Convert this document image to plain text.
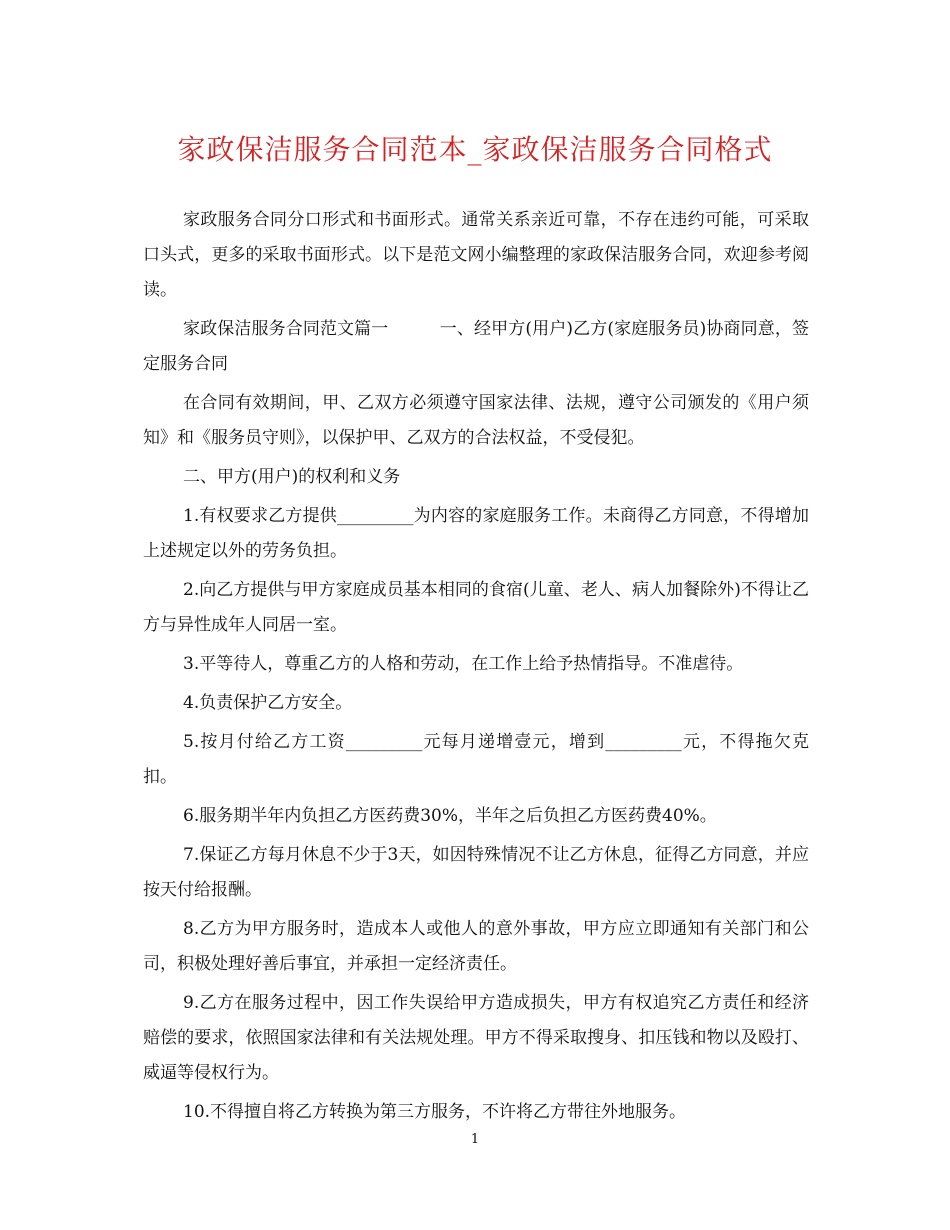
家政保洁服务合同范本_家政保洁服务合同格式

家政服务合同分口形式和书面形式。通常关系亲近可靠，不存在违约可能，可采取口头式，更多的采取书面形式。以下是范文网小编整理的家政保洁服务合同，欢迎参考阅读。

家政保洁服务合同范文篇一　　　一、经甲方(用户)乙方(家庭服务员)协商同意，签定服务合同

在合同有效期间，甲、乙双方必须遵守国家法律、法规，遵守公司颁发的《用户须知》和《服务员守则》，以保护甲、乙双方的合法权益，不受侵犯。

二、甲方(用户)的权利和义务

1.有权要求乙方提供_________为内容的家庭服务工作。未商得乙方同意，不得增加上述规定以外的劳务负担。

2.向乙方提供与甲方家庭成员基本相同的食宿(儿童、老人、病人加餐除外)不得让乙方与异性成年人同居一室。

3.平等待人，尊重乙方的人格和劳动，在工作上给予热情指导。不准虐待。

4.负责保护乙方安全。

5.按月付给乙方工资_________元每月递增壹元，增到_________元，不得拖欠克扣。

6.服务期半年内负担乙方医药费30%，半年之后负担乙方医药费40%。

7.保证乙方每月休息不少于3天，如因特殊情况不让乙方休息，征得乙方同意，并应按天付给报酬。

8.乙方为甲方服务时，造成本人或他人的意外事故，甲方应立即通知有关部门和公司，积极处理好善后事宜，并承担一定经济责任。

9.乙方在服务过程中，因工作失误给甲方造成损失，甲方有权追究乙方责任和经济赔偿的要求，依照国家法律和有关法规处理。甲方不得采取搜身、扣压钱和物以及殴打、威逼等侵权行为。

10.不得擅自将乙方转换为第三方服务，不许将乙方带往外地服务。

1
